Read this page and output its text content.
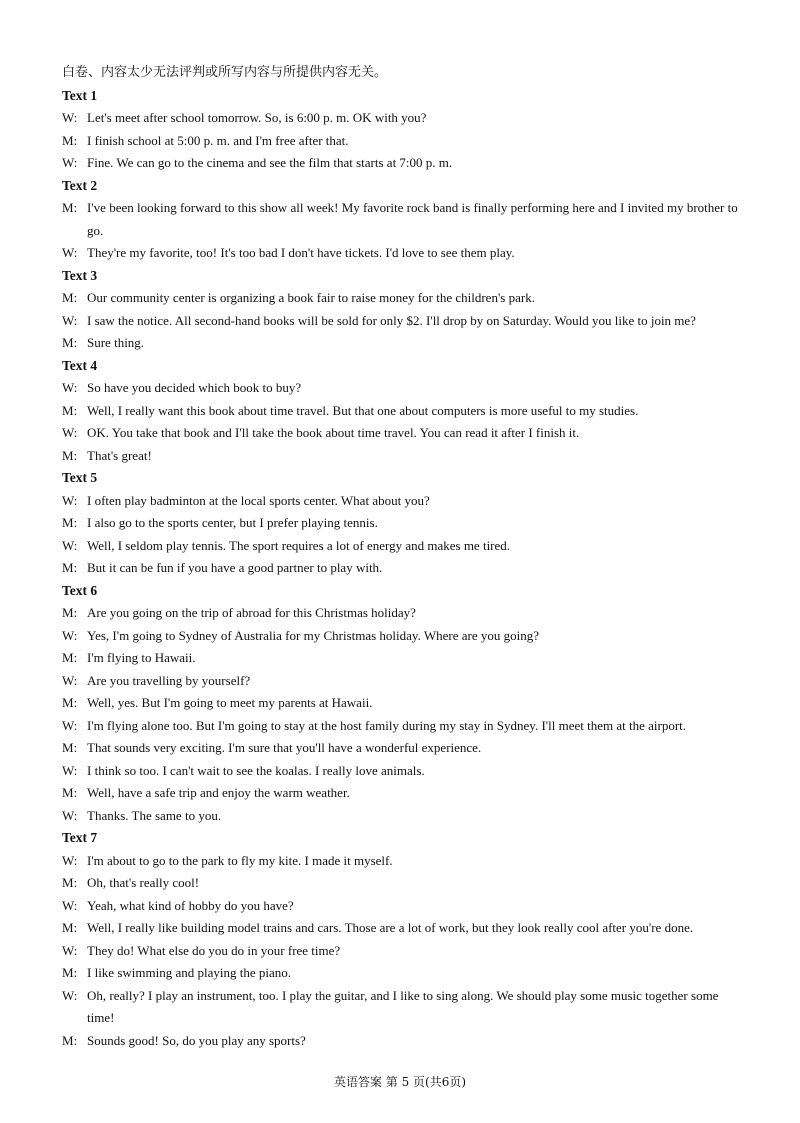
白卷、内容太少无法评判或所写内容与所提供内容无关。
Text 1
W: Let's meet after school tomorrow. So, is 6:00 p. m. OK with you?
M: I finish school at 5:00 p. m. and I'm free after that.
W: Fine. We can go to the cinema and see the film that starts at 7:00 p. m.
Text 2
M: I've been looking forward to this show all week! My favorite rock band is finally performing here and I invited my brother to go.
W: They're my favorite, too! It's too bad I don't have tickets. I'd love to see them play.
Text 3
M: Our community center is organizing a book fair to raise money for the children's park.
W: I saw the notice. All second-hand books will be sold for only $2. I'll drop by on Saturday. Would you like to join me?
M: Sure thing.
Text 4
W: So have you decided which book to buy?
M: Well, I really want this book about time travel. But that one about computers is more useful to my studies.
W: OK. You take that book and I'll take the book about time travel. You can read it after I finish it.
M: That's great!
Text 5
W: I often play badminton at the local sports center. What about you?
M: I also go to the sports center, but I prefer playing tennis.
W: Well, I seldom play tennis. The sport requires a lot of energy and makes me tired.
M: But it can be fun if you have a good partner to play with.
Text 6
M: Are you going on the trip of abroad for this Christmas holiday?
W: Yes, I'm going to Sydney of Australia for my Christmas holiday. Where are you going?
M: I'm flying to Hawaii.
W: Are you travelling by yourself?
M: Well, yes. But I'm going to meet my parents at Hawaii.
W: I'm flying alone too. But I'm going to stay at the host family during my stay in Sydney. I'll meet them at the airport.
M: That sounds very exciting. I'm sure that you'll have a wonderful experience.
W: I think so too. I can't wait to see the koalas. I really love animals.
M: Well, have a safe trip and enjoy the warm weather.
W: Thanks. The same to you.
Text 7
W: I'm about to go to the park to fly my kite. I made it myself.
M: Oh, that's really cool!
W: Yeah, what kind of hobby do you have?
M: Well, I really like building model trains and cars. Those are a lot of work, but they look really cool after you're done.
W: They do! What else do you do in your free time?
M: I like swimming and playing the piano.
W: Oh, really? I play an instrument, too. I play the guitar, and I like to sing along. We should play some music together some time!
M: Sounds good! So, do you play any sports?
英语答案 第 5 页(共6页)
